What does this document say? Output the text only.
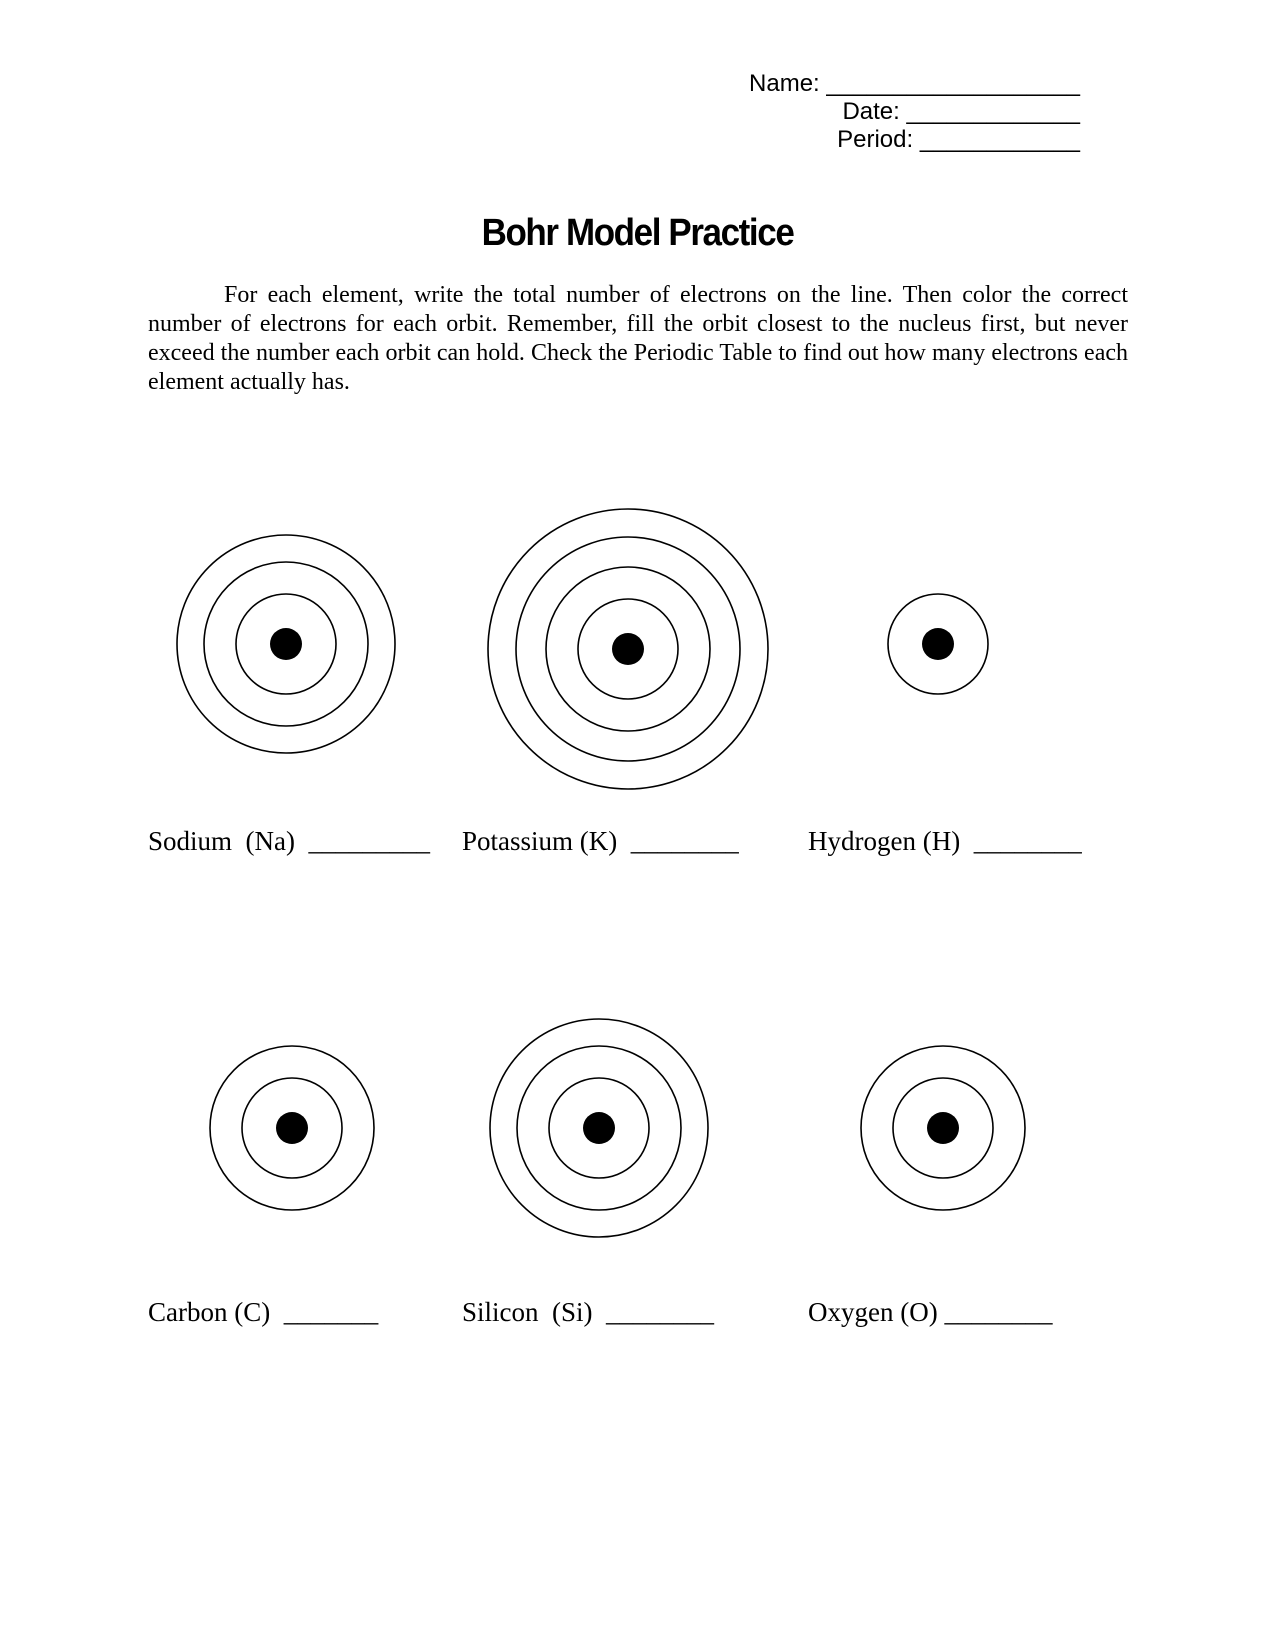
Name: ___________________
Date: _____________
Period: ____________
Bohr Model Practice
For each element, write the total number of electrons on the line. Then color the correct number of electrons for each orbit. Remember, fill the orbit closest to the nucleus first, but never exceed the number each orbit can hold. Check the Periodic Table to find out how many electrons each element actually has.
Sodium  (Na)  _________ Potassium (K)  ________	Hydrogen (H)  ________
Carbon (C)  _______	Silicon  (Si)  ________	Oxygen (O) ________
